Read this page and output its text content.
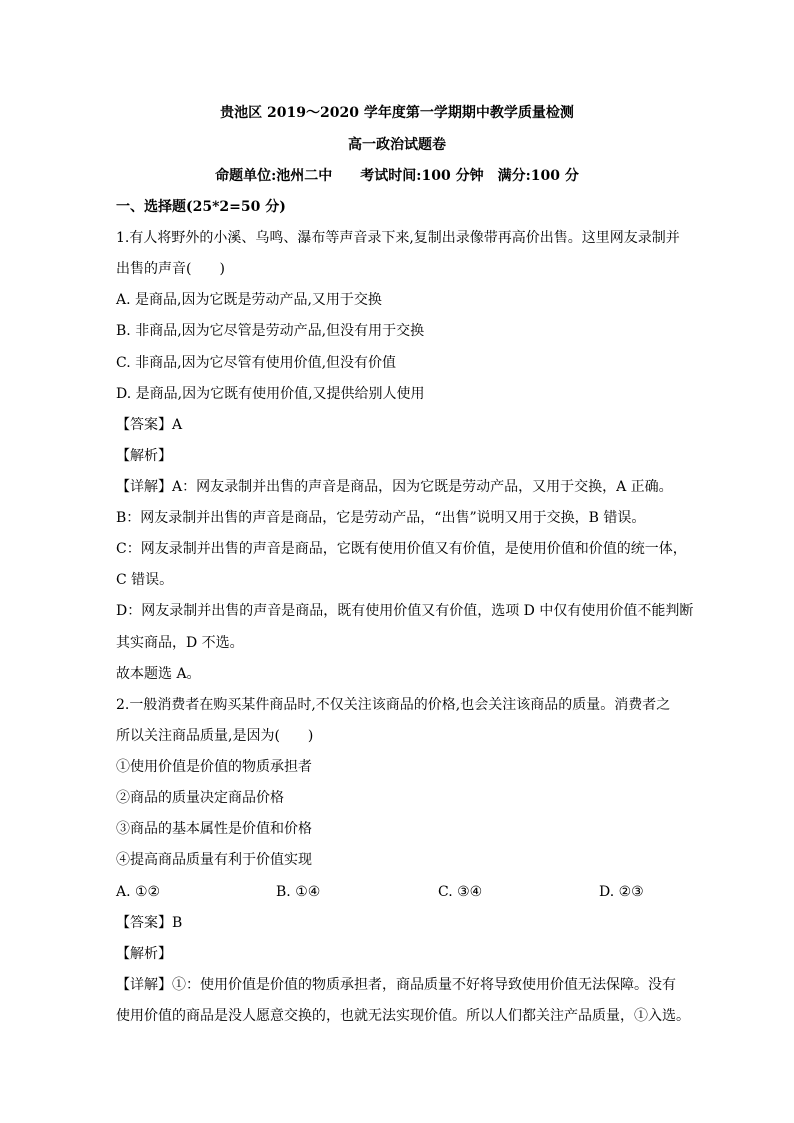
贵池区 2019～2020 学年度第一学期期中教学质量检测
高一政治试题卷
命题单位:池州二中　　考试时间:100 分钟　满分:100 分
一、选择题(25*2=50 分)
1.有人将野外的小溪、乌鸣、瀑布等声音录下来,复制出录像带再高价出售。这里网友录制并
出售的声音(　　)
A. 是商品,因为它既是劳动产品,又用于交换
B. 非商品,因为它尽管是劳动产品,但没有用于交换
C. 非商品,因为它尽管有使用价值,但没有价值
D. 是商品,因为它既有使用价值,又提供给别人使用
【答案】A
【解析】
【详解】A：网友录制并出售的声音是商品，因为它既是劳动产品，又用于交换，A 正确。
B：网友录制并出售的声音是商品，它是劳动产品，“出售”说明又用于交换，B 错误。
C：网友录制并出售的声音是商品，它既有使用价值又有价值，是使用价值和价值的统一体，
C 错误。
D：网友录制并出售的声音是商品，既有使用价值又有价值，选项 D 中仅有使用价值不能判断
其实商品，D 不选。
故本题选 A。
2.一般消费者在购买某件商品时,不仅关注该商品的价格,也会关注该商品的质量。消费者之
所以关注商品质量,是因为(　　)
①使用价值是价值的物质承担者
②商品的质量决定商品价格
③商品的基本属性是价值和价格
④提高商品质量有利于价值实现
A. ①②	B. ①④	C. ③④	D. ②③
【答案】B
【解析】
【详解】①：使用价值是价值的物质承担者，商品质量不好将导致使用价值无法保障。没有
使用价值的商品是没人愿意交换的，也就无法实现价值。所以人们都关注产品质量，①入选。
